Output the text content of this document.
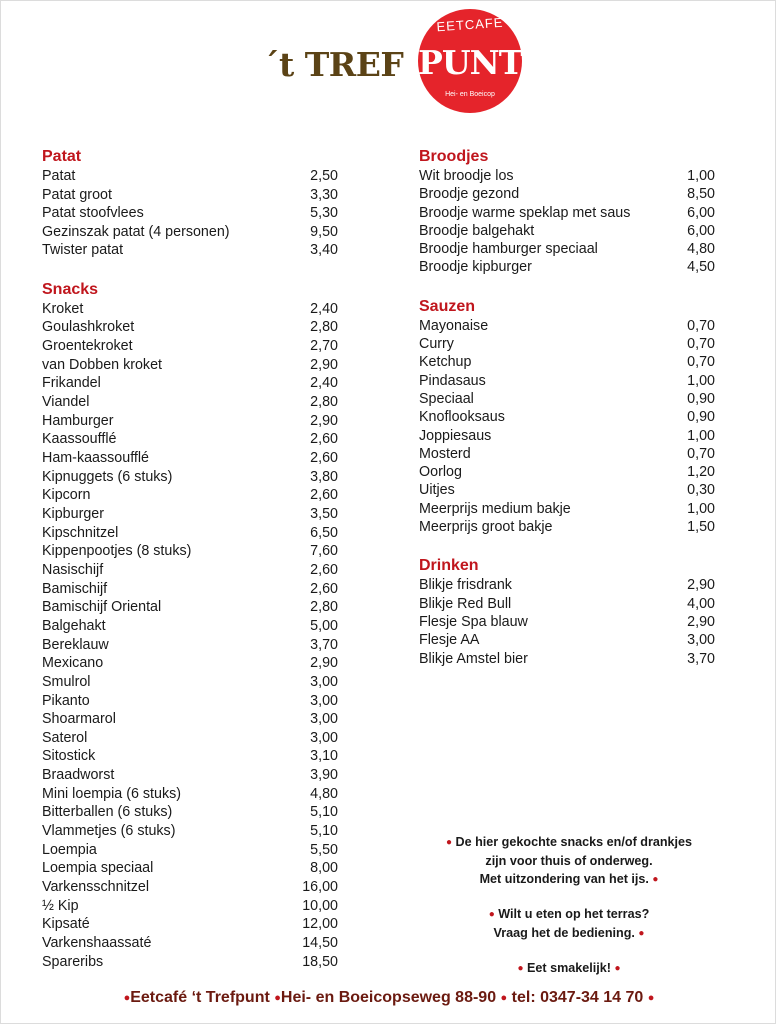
´t TREF
EETCAFE
PUNT
Hei- en Boeicop
Patat
Patat	2,50
Patat groot	3,30
Patat stoofvlees	5,30
Gezinszak patat (4 personen)	9,50
Twister patat	3,40
Snacks
Kroket	2,40
Goulashkroket	2,80
Groentekroket	2,70
van Dobben kroket	2,90
Frikandel	2,40
Viandel	2,80
Hamburger	2,90
Kaassoufflé	2,60
Ham-kaassoufflé	2,60
Kipnuggets (6 stuks)	3,80
Kipcorn	2,60
Kipburger	3,50
Kipschnitzel	6,50
Kippenpootjes (8 stuks)	7,60
Nasischijf	2,60
Bamischijf	2,60
Bamischijf Oriental	2,80
Balgehakt	5,00
Bereklauw	3,70
Mexicano	2,90
Smulrol	3,00
Pikanto	3,00
Shoarmarol	3,00
Saterol	3,00
Sitostick	3,10
Braadworst	3,90
Mini loempia (6 stuks)	4,80
Bitterballen (6 stuks)	5,10
Vlammetjes (6 stuks)	5,10
Loempia	5,50
Loempia speciaal	8,00
Varkensschnitzel	16,00
½ Kip	10,00
Kipsaté	12,00
Varkenshaassaté	14,50
Spareribs	18,50
Broodjes
Wit broodje los	1,00
Broodje gezond	8,50
Broodje warme speklap met saus	6,00
Broodje balgehakt	6,00
Broodje hamburger speciaal	4,80
Broodje kipburger	4,50
Sauzen
Mayonaise	0,70
Curry	0,70
Ketchup	0,70
Pindasaus	1,00
Speciaal	0,90
Knoflooksaus	0,90
Joppiesaus	1,00
Mosterd	0,70
Oorlog	1,20
Uitjes	0,30
Meerprijs medium bakje	1,00
Meerprijs groot bakje	1,50
Drinken
Blikje frisdrank	2,90
Blikje Red Bull	4,00
Flesje Spa blauw	2,90
Flesje AA	3,00
Blikje Amstel bier	3,70

● De hier gekochte snacks en/of drankjes
zijn voor thuis of onderweg.
Met uitzondering van het ijs. ●

● Wilt u eten op het terras?
Vraag het de bediening. ●

● Eet smakelijk! ●

●Eetcafé ‘t Trefpunt ●Hei- en Boeicopseweg 88-90 ● tel: 0347-34 14 70 ●
